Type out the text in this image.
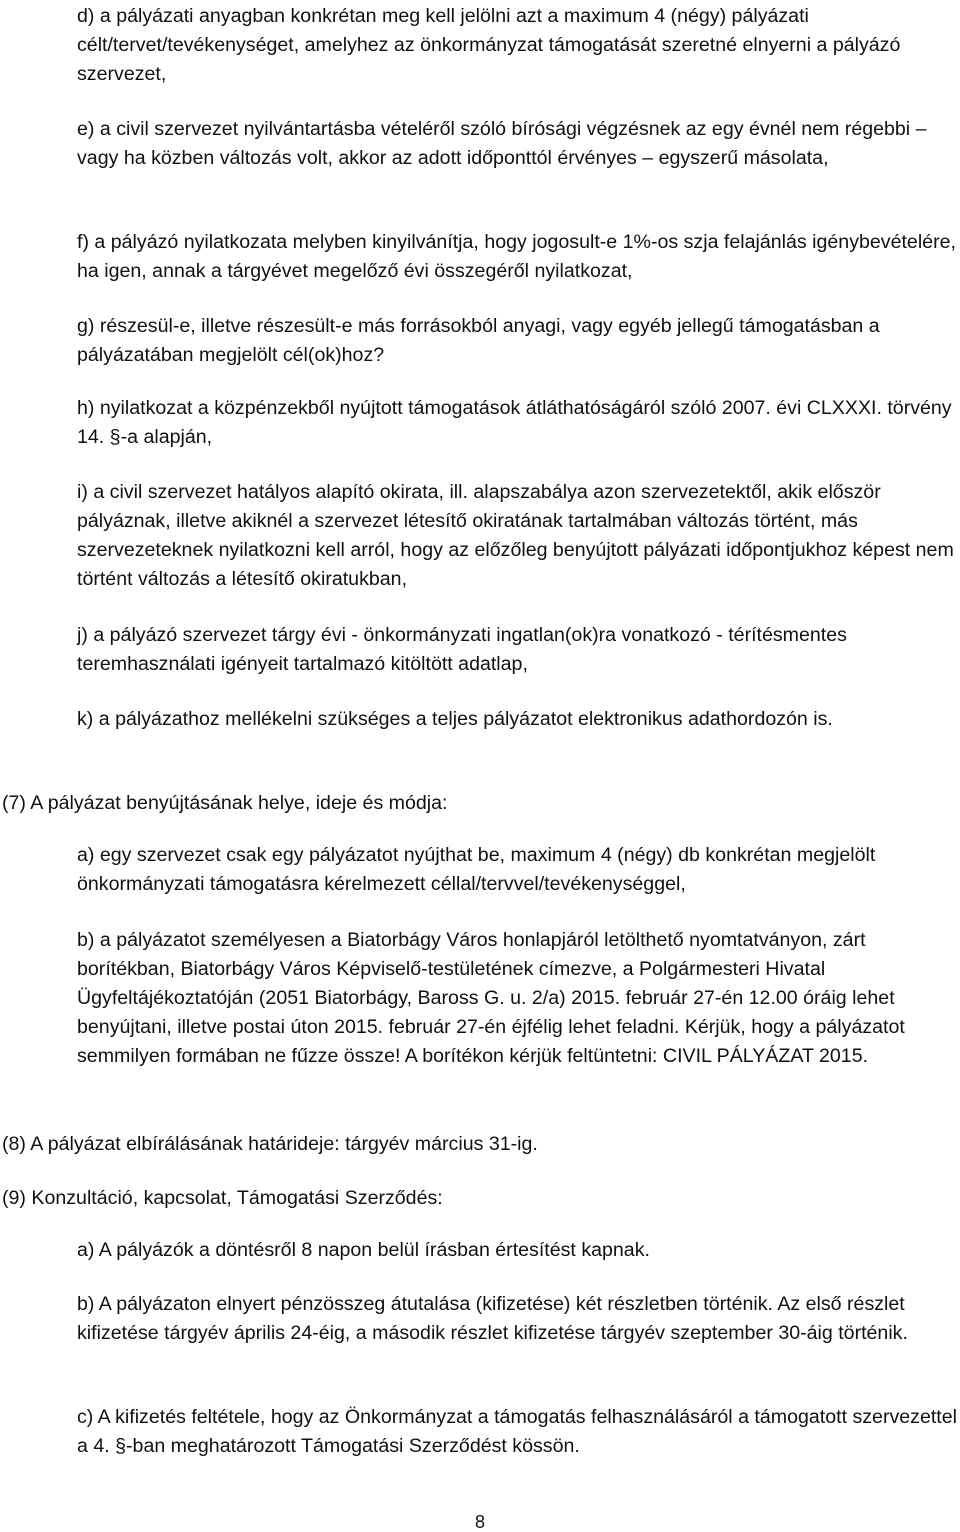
d) a pályázati anyagban konkrétan meg kell jelölni azt a maximum 4 (négy) pályázati célt/tervet/tevékenységet, amelyhez az önkormányzat támogatását szeretné elnyerni a pályázó szervezet,

e) a civil szervezet nyilvántartásba vételéről szóló bírósági végzésnek az egy évnél nem régebbi – vagy ha közben változás volt, akkor az adott időponttól érvényes – egyszerű másolata,

f) a pályázó nyilatkozata melyben kinyilvánítja, hogy jogosult-e 1%-os szja felajánlás igénybevételére, ha igen, annak a tárgyévet megelőző évi összegéről nyilatkozat,

g) részesül-e, illetve részesült-e más forrásokból anyagi, vagy egyéb jellegű támogatásban a pályázatában megjelölt cél(ok)hoz?

h) nyilatkozat a közpénzekből nyújtott támogatások átláthatóságáról szóló 2007. évi CLXXXI. törvény 14. §-a alapján,

i) a civil szervezet hatályos alapító okirata, ill. alapszabálya azon szervezetektől, akik először pályáznak, illetve akiknél a szervezet létesítő okiratának tartalmában változás történt, más szervezeteknek nyilatkozni kell arról, hogy az előzőleg benyújtott pályázati időpontjukhoz képest nem történt változás a létesítő okiratukban,

j) a pályázó szervezet tárgy évi - önkormányzati ingatlan(ok)ra vonatkozó - térítésmentes teremhasználati igényeit tartalmazó kitöltött adatlap,

k) a pályázathoz mellékelni szükséges a teljes pályázatot elektronikus adathordozón is.

(7) A pályázat benyújtásának helye, ideje és módja:

a) egy szervezet csak egy pályázatot nyújthat be, maximum 4 (négy) db konkrétan megjelölt önkormányzati támogatásra kérelmezett céllal/tervvel/tevékenységgel,

b) a pályázatot személyesen a Biatorbágy Város honlapjáról letölthető nyomtatványon, zárt borítékban, Biatorbágy Város Képviselő-testületének címezve, a Polgármesteri Hivatal Ügyfeltájékoztatóján (2051 Biatorbágy, Baross G. u. 2/a) 2015. február 27-én 12.00 óráig lehet benyújtani, illetve postai úton 2015. február 27-én éjfélig lehet feladni. Kérjük, hogy a pályázatot semmilyen formában ne fűzze össze! A borítékon kérjük feltüntetni: CIVIL PÁLYÁZAT 2015.

(8) A pályázat elbírálásának határideje: tárgyév március 31-ig.

(9) Konzultáció, kapcsolat, Támogatási Szerződés:

a) A pályázók a döntésről 8 napon belül írásban értesítést kapnak.

b) A pályázaton elnyert pénzösszeg átutalása (kifizetése) két részletben történik. Az első részlet kifizetése tárgyév április 24-éig, a második részlet kifizetése tárgyév szeptember 30-áig történik.

c) A kifizetés feltétele, hogy az Önkormányzat a támogatás felhasználásáról a támogatott szervezettel a 4. §-ban meghatározott Támogatási Szerződést kössön.

8
